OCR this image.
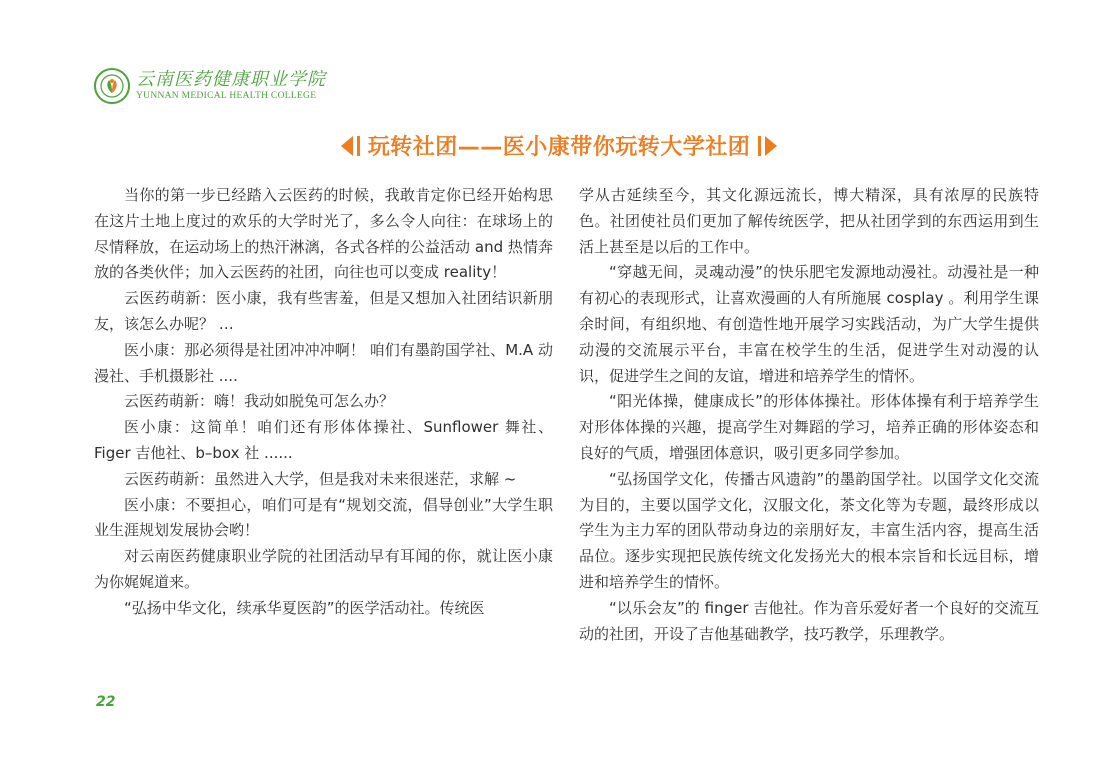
云南医药健康职业学院
YUNNAN MEDICAL HEALTH COLLEGE
玩转社团——医小康带你玩转大学社团

当你的第一步已经踏入云医药的时候，我敢肯定你已经开始构思在这片土地上度过的欢乐的大学时光了，多么令人向往：在球场上的尽情释放，在运动场上的热汗淋漓，各式各样的公益活动 and 热情奔放的各类伙伴；加入云医药的社团，向往也可以变成 reality！

云医药萌新：医小康，我有些害羞，但是又想加入社团结识新朋友，该怎么办呢？ …

医小康：那必须得是社团冲冲冲啊！ 咱们有墨韵国学社、M.A 动漫社、手机摄影社 ....

云医药萌新：嗨！我动如脱兔可怎么办？

医小康：这简单！咱们还有形体体操社、Sunflower 舞社、Figer 吉他社、b–box 社 ......

云医药萌新：虽然进入大学，但是我对未来很迷茫，求解 ~

医小康：不要担心，咱们可是有“规划交流，倡导创业”大学生职业生涯规划发展协会哟！

对云南医药健康职业学院的社团活动早有耳闻的你，就让医小康为你娓娓道来。

“弘扬中华文化，续承华夏医韵”的医学活动社。传统医

学从古延续至今，其文化源远流长，博大精深，具有浓厚的民族特色。社团使社员们更加了解传统医学，把从社团学到的东西运用到生活上甚至是以后的工作中。

“穿越无间，灵魂动漫”的快乐肥宅发源地动漫社。动漫社是一种有初心的表现形式，让喜欢漫画的人有所施展 cosplay 。利用学生课余时间，有组织地、有创造性地开展学习实践活动，为广大学生提供动漫的交流展示平台，丰富在校学生的生活，促进学生对动漫的认识，促进学生之间的友谊，增进和培养学生的情怀。

“阳光体操，健康成长”的形体体操社。形体体操有利于培养学生对形体体操的兴趣，提高学生对舞蹈的学习，培养正确的形体姿态和良好的气质，增强团体意识，吸引更多同学参加。

“弘扬国学文化，传播古风遗韵”的墨韵国学社。以国学文化交流为目的，主要以国学文化，汉服文化，茶文化等为专题，最终形成以学生为主力军的团队带动身边的亲朋好友，丰富生活内容，提高生活品位。逐步实现把民族传统文化发扬光大的根本宗旨和长远目标，增进和培养学生的情怀。

“以乐会友”的 finger 吉他社。作为音乐爱好者一个良好的交流互动的社团，开设了吉他基础教学，技巧教学，乐理教学。

22
